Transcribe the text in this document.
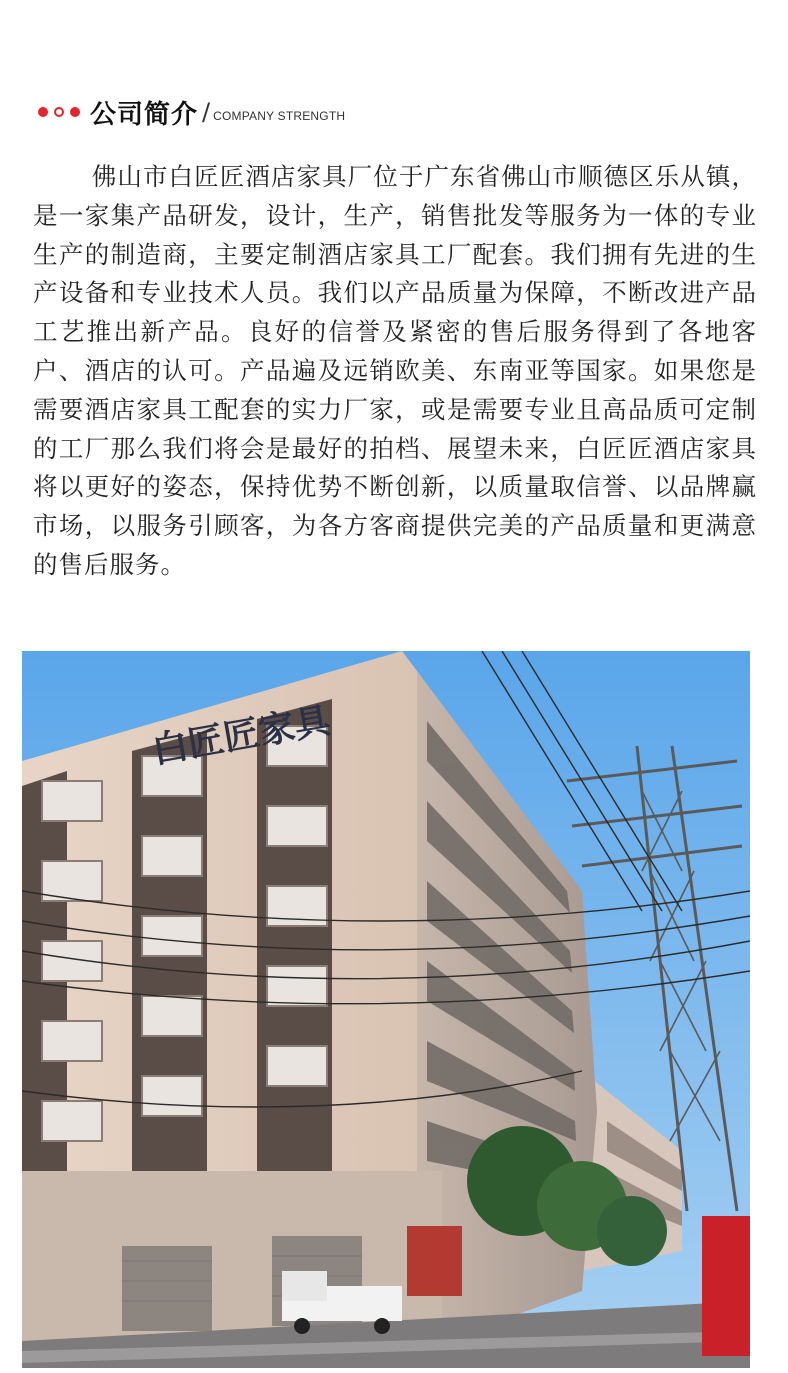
公司简介 / COMPANY STRENGTH

佛山市白匠匠酒店家具厂位于广东省佛山市顺德区乐从镇，是一家集产品研发，设计，生产，销售批发等服务为一体的专业生产的制造商，主要定制酒店家具工厂配套。我们拥有先进的生产设备和专业技术人员。我们以产品质量为保障，不断改进产品工艺推出新产品。良好的信誉及紧密的售后服务得到了各地客户、酒店的认可。产品遍及远销欧美、东南亚等国家。如果您是需要酒店家具工配套的实力厂家，或是需要专业且高品质可定制的工厂那么我们将会是最好的拍档、展望未来，白匠匠酒店家具将以更好的姿态，保持优势不断创新，以质量取信誉、以品牌赢市场，以服务引顾客，为各方客商提供完美的产品质量和更满意的售后服务。

白匠匠家具
